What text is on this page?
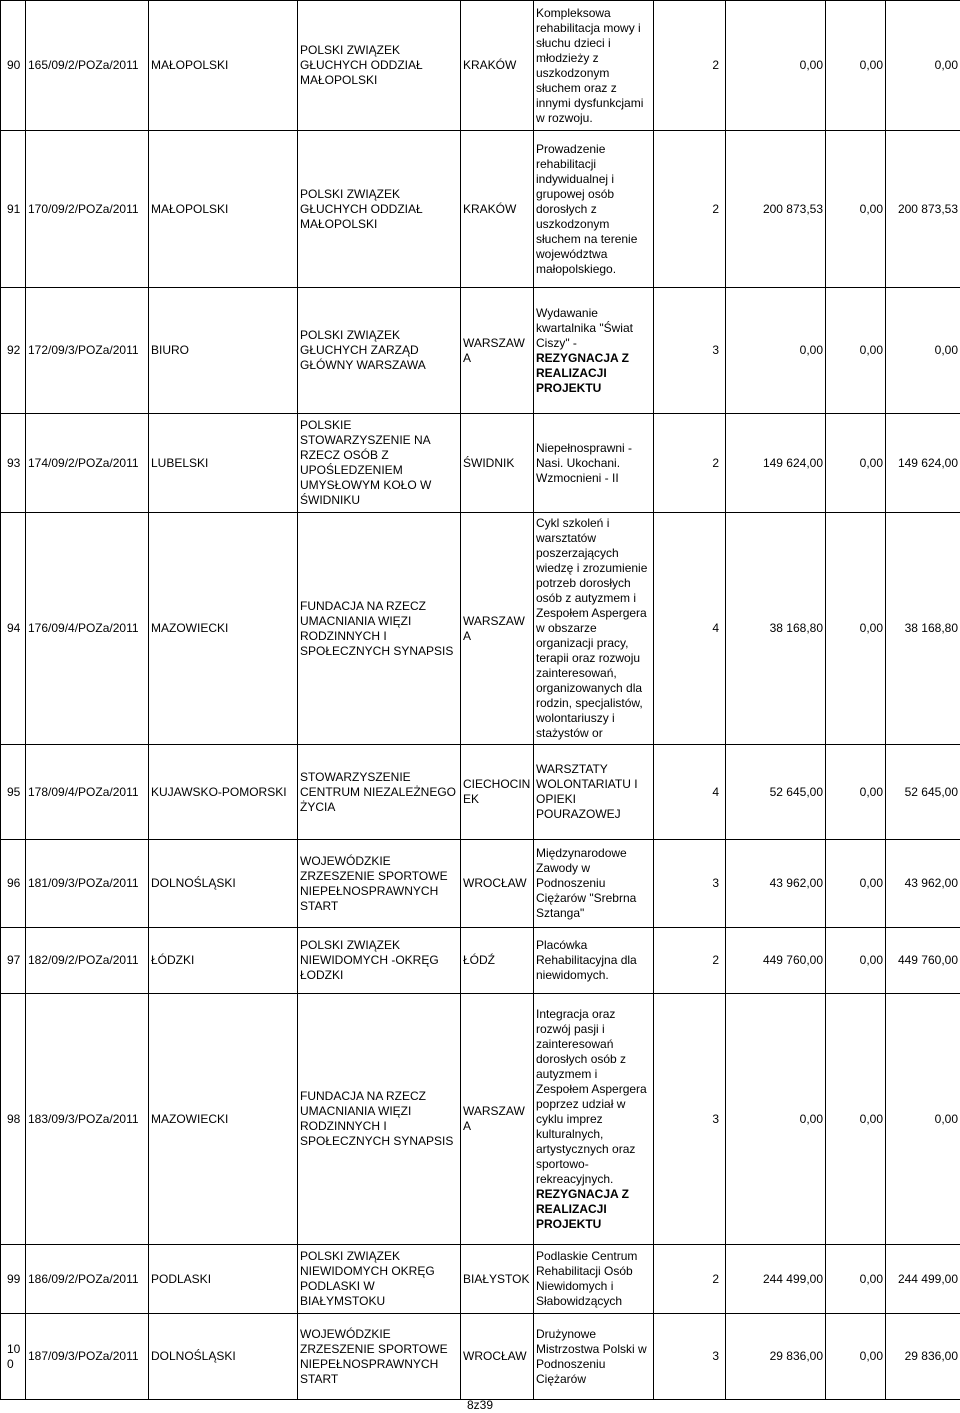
90	165/09/2/POZa/2011	MAŁOPOLSKI	POLSKI ZWIĄZEK GŁUCHYCH ODDZIAŁ MAŁOPOLSKI	KRAKÓW	Kompleksowa rehabilitacja mowy i słuchu dzieci i młodzieży z uszkodzonym słuchem oraz z innymi dysfunkcjami w rozwoju.	2	0,00	0,00	0,00
91	170/09/2/POZa/2011	MAŁOPOLSKI	POLSKI ZWIĄZEK GŁUCHYCH ODDZIAŁ MAŁOPOLSKI	KRAKÓW	Prowadzenie rehabilitacji indywidualnej i grupowej osób dorosłych z uszkodzonym słuchem na terenie województwa małopolskiego.	2	200 873,53	0,00	200 873,53
92	172/09/3/POZa/2011	BIURO	POLSKI ZWIĄZEK GŁUCHYCH ZARZĄD GŁÓWNY WARSZAWA	WARSZAWA	Wydawanie kwartalnika "Świat Ciszy" -
REZYGNACJA Z REALIZACJI PROJEKTU	3	0,00	0,00	0,00
93	174/09/2/POZa/2011	LUBELSKI	POLSKIE STOWARZYSZENIE NA RZECZ OSÓB Z UPOŚLEDZENIEM UMYSŁOWYM KOŁO W ŚWIDNIKU	ŚWIDNIK	Niepełnosprawni - Nasi. Ukochani. Wzmocnieni - II	2	149 624,00	0,00	149 624,00
94	176/09/4/POZa/2011	MAZOWIECKI	FUNDACJA NA RZECZ UMACNIANIA WIĘZI RODZINNYCH I SPOŁECZNYCH SYNAPSIS	WARSZAWA	Cykl szkoleń i warsztatów poszerzających wiedzę i zrozumienie potrzeb dorosłych osób z autyzmem i Zespołem Aspergera w obszarze organizacji pracy, terapii oraz rozwoju zainteresowań, organizowanych dla rodzin, specjalistów, wolontariuszy i stażystów or	4	38 168,80	0,00	38 168,80
95	178/09/4/POZa/2011	KUJAWSKO-POMORSKI	STOWARZYSZENIE CENTRUM NIEZALEŻNEGO ŻYCIA	CIECHOCINEK	WARSZTATY WOLONTARIATU I OPIEKI POURAZOWEJ	4	52 645,00	0,00	52 645,00
96	181/09/3/POZa/2011	DOLNOŚLĄSKI	WOJEWÓDZKIE ZRZESZENIE SPORTOWE NIEPEŁNOSPRAWNYCH START	WROCŁAW	Międzynarodowe Zawody w Podnoszeniu Ciężarów "Srebrna Sztanga"	3	43 962,00	0,00	43 962,00
97	182/09/2/POZa/2011	ŁÓDZKI	POLSKI ZWIĄZEK NIEWIDOMYCH -OKRĘG ŁODZKI	ŁÓDŹ	Placówka Rehabilitacyjna dla niewidomych.	2	449 760,00	0,00	449 760,00
98	183/09/3/POZa/2011	MAZOWIECKI	FUNDACJA NA RZECZ UMACNIANIA WIĘZI RODZINNYCH I SPOŁECZNYCH SYNAPSIS	WARSZAWA	Integracja oraz rozwój pasji i zainteresowań dorosłych osób z autyzmem i Zespołem Aspergera poprzez udział w cyklu imprez kulturalnych, artystycznych oraz sportowo-rekreacyjnych.
REZYGNACJA Z REALIZACJI PROJEKTU	3	0,00	0,00	0,00
99	186/09/2/POZa/2011	PODLASKI	POLSKI ZWIĄZEK NIEWIDOMYCH OKRĘG PODLASKI W BIAŁYMSTOKU	BIAŁYSTOK	Podlaskie Centrum Rehabilitacji Osób Niewidomych i Słabowidzących	2	244 499,00	0,00	244 499,00
100	187/09/3/POZa/2011	DOLNOŚLĄSKI	WOJEWÓDZKIE ZRZESZENIE SPORTOWE NIEPEŁNOSPRAWNYCH START	WROCŁAW	Drużynowe Mistrzostwa Polski w Podnoszeniu Ciężarów	3	29 836,00	0,00	29 836,00
8z39
